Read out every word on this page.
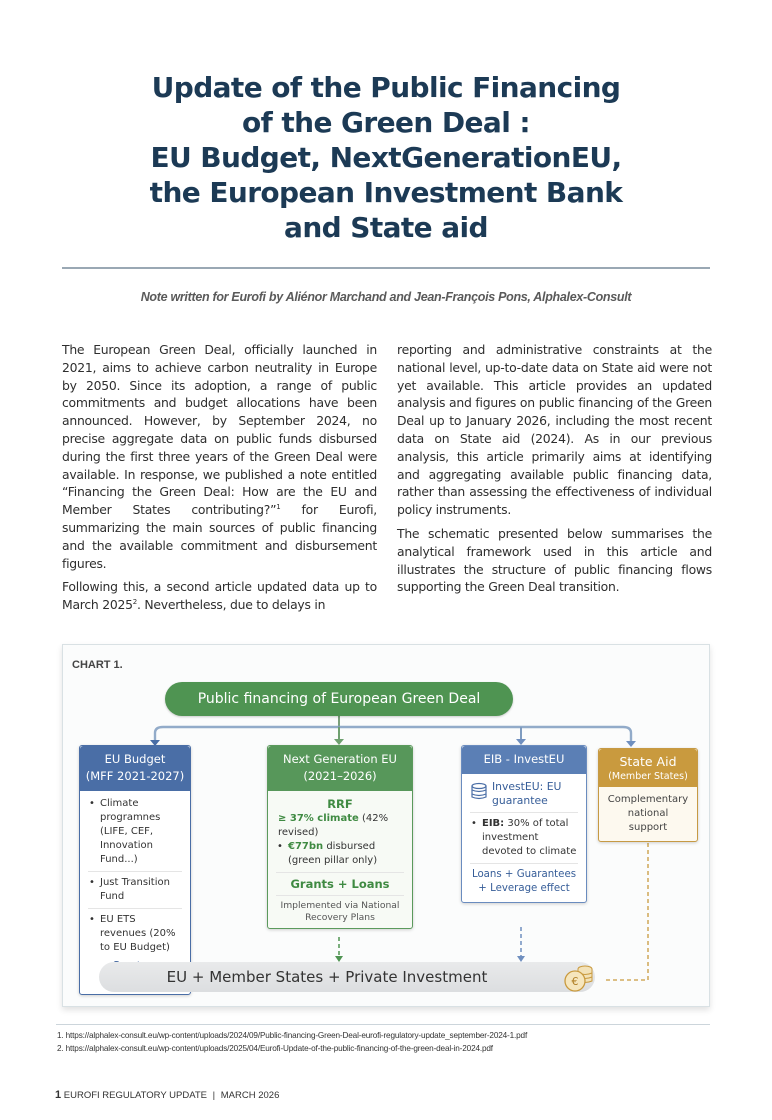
Update of the Public Financing
of the Green Deal :
EU Budget, NextGenerationEU,
the European Investment Bank
and State aid
Note written for Eurofi by Aliénor Marchand and Jean-François Pons, Alphalex-Consult

The European Green Deal, officially launched in 2021, aims to achieve carbon neutrality in Europe by 2050. Since its adoption, a range of public commitments and budget allocations have been announced. However, by September 2024, no precise aggregate data on public funds disbursed during the first three years of the Green Deal were available. In response, we published a note entitled “Financing the Green Deal: How are the EU and Member States contributing?”$^1$ for Eurofi, summarizing the main sources of public financing and the available commitment and disbursement figures.

Following this, a second article updated data up to March 2025$^2$. Nevertheless, due to delays in

reporting and administrative constraints at the national level, up-to-date data on State aid were not yet available. This article provides an updated analysis and figures on public financing of the Green Deal up to January 2026, including the most recent data on State aid (2024). As in our previous analysis, this article primarily aims at identifying and aggregating available public financing data, rather than assessing the effectiveness of individual policy instruments.

The schematic presented below summarises the analytical framework used in this article and illustrates the structure of public financing flows supporting the Green Deal transition.

CHART 1.
Public financing of European Green Deal
EU Budget
(MFF 2021-2027)
• Climate programnes (LIFE, CEF, Innovation Fund...)
• Just Transition Fund
• EU ETS revenues (20% to EU Budget)
Next Generation EU
(2021–2026)
RRF
≥ 37% climate (42% revised)
• €77bn disbursed (green pillar only)
Grants + Loans
Implemented via National Recovery Plans
EIB - InvestEU
InvestEU: EU guarantee
• EIB: 30% of total investment devoted to climate
Loans + Guarantees + Leverage effect
State Aid
(Member States)
Complementary national support
EU + Member States + Private Investment	€
1. https://alphalex-consult.eu/wp-content/uploads/2024/09/Public-financing-Green-Deal-eurofi-regulatory-update_september-2024-1.pdf
2. https://alphalex-consult.eu/wp-content/uploads/2025/04/Eurofi-Update-of-the-public-financing-of-the-green-deal-in-2024.pdf
1 EUROFI REGULATORY UPDATE | MARCH 2026
